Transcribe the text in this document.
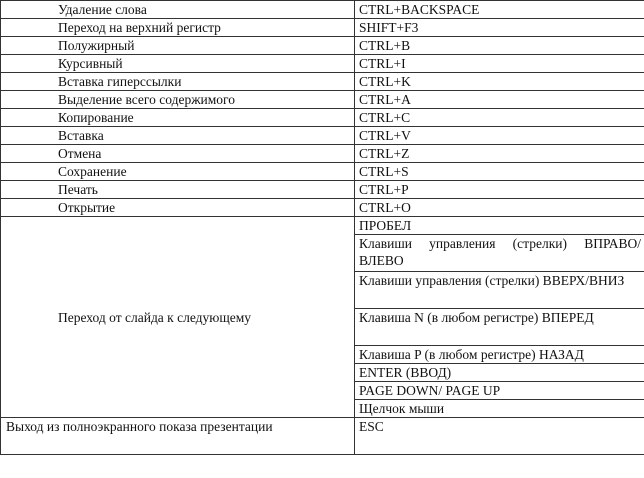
Удаление слова	CTRL+BACKSPACE
Переход на верхний регистр	SHIFT+F3
Полужирный	CTRL+B
Курсивный	CTRL+I
Вставка гиперссылки	CTRL+K
Выделение всего содержимого	CTRL+A
Копирование	CTRL+C
Вставка	CTRL+V
Отмена	CTRL+Z
Сохранение	CTRL+S
Печать	CTRL+P
Открытие	CTRL+O
Переход от слайда к следующему	ПРОБЕЛ
	Клавиши управления (стрелки) ВПРАВО/ВЛЕВО
	Клавиши управления (стрелки) ВВЕРХ/ВНИЗ
	Клавиша N (в любом регистре) ВПЕРЕД
	Клавиша P (в любом регистре) НАЗАД
	ENTER (ВВОД)
	PAGE DOWN/ PAGE UP
	Щелчок мыши
Выход из полноэкранного показа презентации	ESC
